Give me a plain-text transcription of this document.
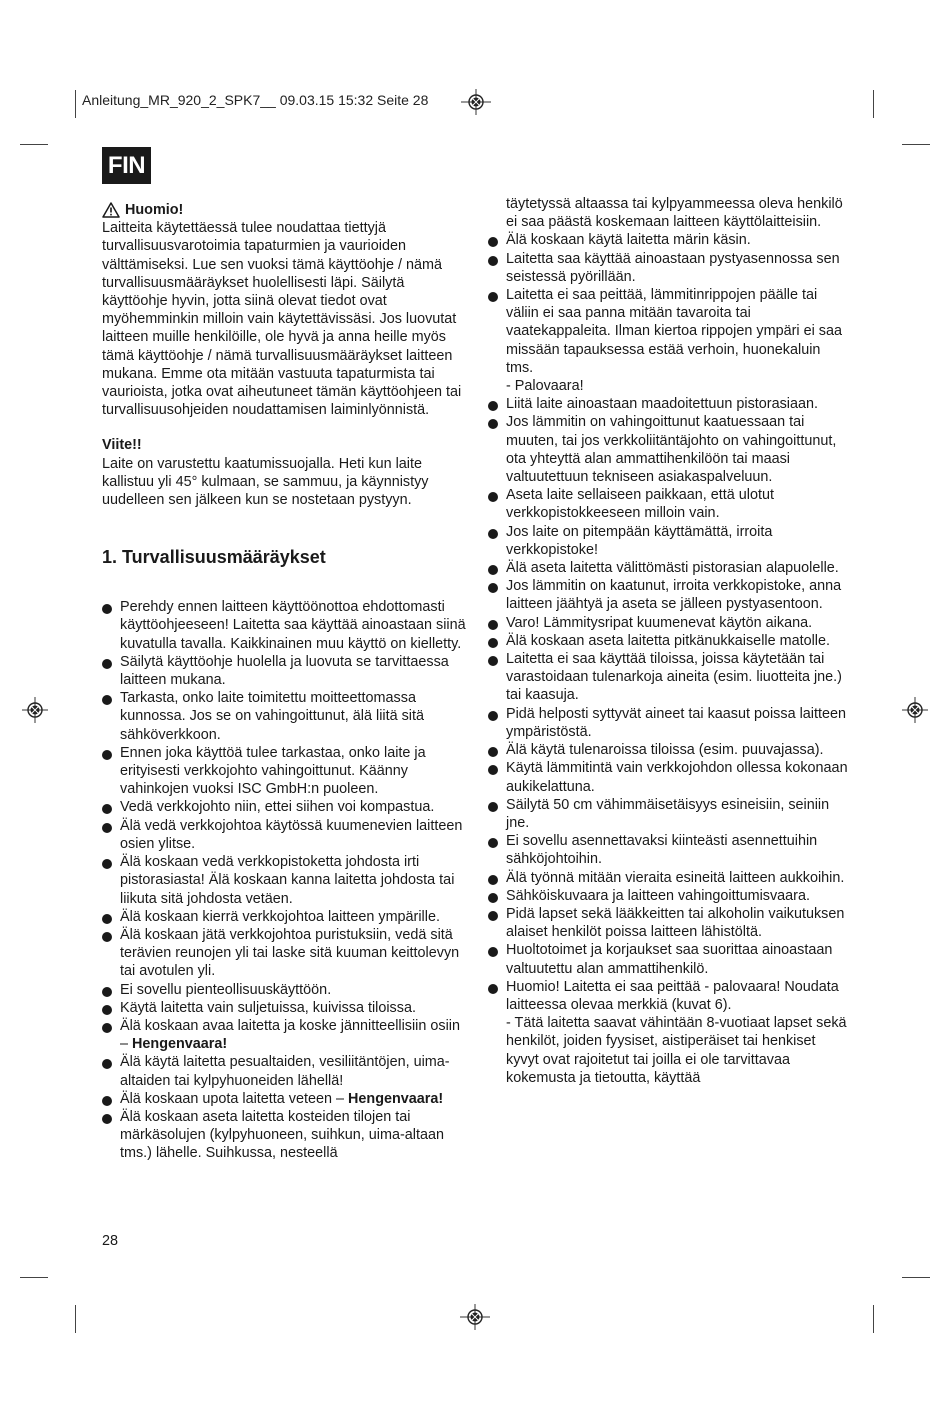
Anleitung_MR_920_2_SPK7__ 09.03.15 15:32 Seite 28
FIN
Huomio!

Laitteita käytettäessä tulee noudattaa tiettyjä turvallisuusvarotoimia tapaturmien ja vaurioiden välttämiseksi. Lue sen vuoksi tämä käyttöohje / nämä turvallisuusmääräykset huolellisesti läpi. Säilytä käyttöohje hyvin, jotta siinä olevat tiedot ovat myöhemminkin milloin vain käytettävissäsi. Jos luovutat laitteen muille henkilöille, ole hyvä ja anna heille myös tämä käyttöohje / nämä turvallisuusmääräykset laitteen mukana. Emme ota mitään vastuuta tapaturmista tai vaurioista, jotka ovat aiheutuneet tämän käyttöohjeen tai turvallisuusohjeiden noudattamisen laiminlyönnistä.

Viite!!

Laite on varustettu kaatumissuojalla. Heti kun laite kallistuu yli 45° kulmaan, se sammuu, ja käynnistyy uudelleen sen jälkeen kun se nostetaan pystyyn.

1. Turvallisuusmääräykset
Perehdy ennen laitteen käyttöönottoa ehdottomasti käyttöohjeeseen! Laitetta saa käyttää ainoastaan siinä kuvatulla tavalla. Kaikkinainen muu käyttö on kielletty.
Säilytä käyttöohje huolella ja luovuta se tarvittaessa laitteen mukana.
Tarkasta, onko laite toimitettu moitteettomassa kunnossa. Jos se on vahingoittunut, älä liitä sitä sähköverkkoon.
Ennen joka käyttöä tulee tarkastaa, onko laite ja erityisesti verkkojohto vahingoittunut. Käänny vahinkojen vuoksi ISC GmbH:n puoleen.
Vedä verkkojohto niin, ettei siihen voi kompastua.
Älä vedä verkkojohtoa käytössä kuumenevien laitteen osien ylitse.
Älä koskaan vedä verkkopistoketta johdosta irti pistorasiasta! Älä koskaan kanna laitetta johdosta tai liikuta sitä johdosta vetäen.
Älä koskaan kierrä verkkojohtoa laitteen ympärille.
Älä koskaan jätä verkkojohtoa puristuksiin, vedä sitä terävien reunojen yli tai laske sitä kuuman keittolevyn tai avotulen yli.
Ei sovellu pienteollisuuskäyttöön.
Käytä laitetta vain suljetuissa, kuivissa tiloissa.
Älä koskaan avaa laitetta ja koske jännitteellisiin osiin – Hengenvaara!
Älä käytä laitetta pesualtaiden, vesiliitäntöjen, uima-altaiden tai kylpyhuoneiden lähellä!
Älä koskaan upota laitetta veteen – Hengenvaara!
Älä koskaan aseta laitetta kosteiden tilojen tai märkäsolujen (kylpyhuoneen, suihkun, uima-altaan tms.) lähelle. Suihkussa, nesteellä
täytetyssä altaassa tai kylpyammeessa oleva henkilö ei saa päästä koskemaan laitteen käyttölaitteisiin.
Älä koskaan käytä laitetta märin käsin.
Laitetta saa käyttää ainoastaan pystyasennossa sen seistessä pyörillään.
Laitetta ei saa peittää, lämmitinrippojen päälle tai väliin ei saa panna mitään tavaroita tai vaatekappaleita. Ilman kiertoa rippojen ympäri ei saa missään tapauksessa estää verhoin, huonekaluin tms.
- Palovaara!
Liitä laite ainoastaan maadoitettuun pistorasiaan.
Jos lämmitin on vahingoittunut kaatuessaan tai muuten, tai jos verkkoliitäntäjohto on vahingoittunut, ota yhteyttä alan ammattihenkilöön tai maasi valtuutettuun tekniseen asiakaspalveluun.
Aseta laite sellaiseen paikkaan, että ulotut verkkopistokkeeseen milloin vain.
Jos laite on pitempään käyttämättä, irroita verkkopistoke!
Älä aseta laitetta välittömästi pistorasian alapuolelle.
Jos lämmitin on kaatunut, irroita verkkopistoke, anna laitteen jäähtyä ja aseta se jälleen pystyasentoon.
Varo! Lämmitysripat kuumenevat käytön aikana.
Älä koskaan aseta laitetta pitkänukkaiselle matolle.
Laitetta ei saa käyttää tiloissa, joissa käytetään tai varastoidaan tulenarkoja aineita (esim. liuotteita jne.) tai kaasuja.
Pidä helposti syttyvät aineet tai kaasut poissa laitteen ympäristöstä.
Älä käytä tulenaroissa tiloissa (esim. puuvajassa).
Käytä lämmitintä vain verkkojohdon ollessa kokonaan aukikelattuna.
Säilytä 50 cm vähimmäisetäisyys esineisiin, seiniin jne.
Ei sovellu asennettavaksi kiinteästi asennettuihin sähköjohtoihin.
Älä työnnä mitään vieraita esineitä laitteen aukkoihin.
Sähköiskuvaara ja laitteen vahingoittumisvaara.
Pidä lapset sekä lääkkeitten tai alkoholin vaikutuksen alaiset henkilöt poissa laitteen lähistöltä.
Huoltotoimet ja korjaukset saa suorittaa ainoastaan valtuutettu alan ammattihenkilö.
Huomio! Laitetta ei saa peittää - palovaara! Noudata laitteessa olevaa merkkiä (kuvat 6).
- Tätä laitetta saavat vähintään 8-vuotiaat lapset sekä henkilöt, joiden fyysiset, aistiperäiset tai henkiset kyvyt ovat rajoitetut tai joilla ei ole tarvittavaa kokemusta ja tietoutta, käyttää
28
